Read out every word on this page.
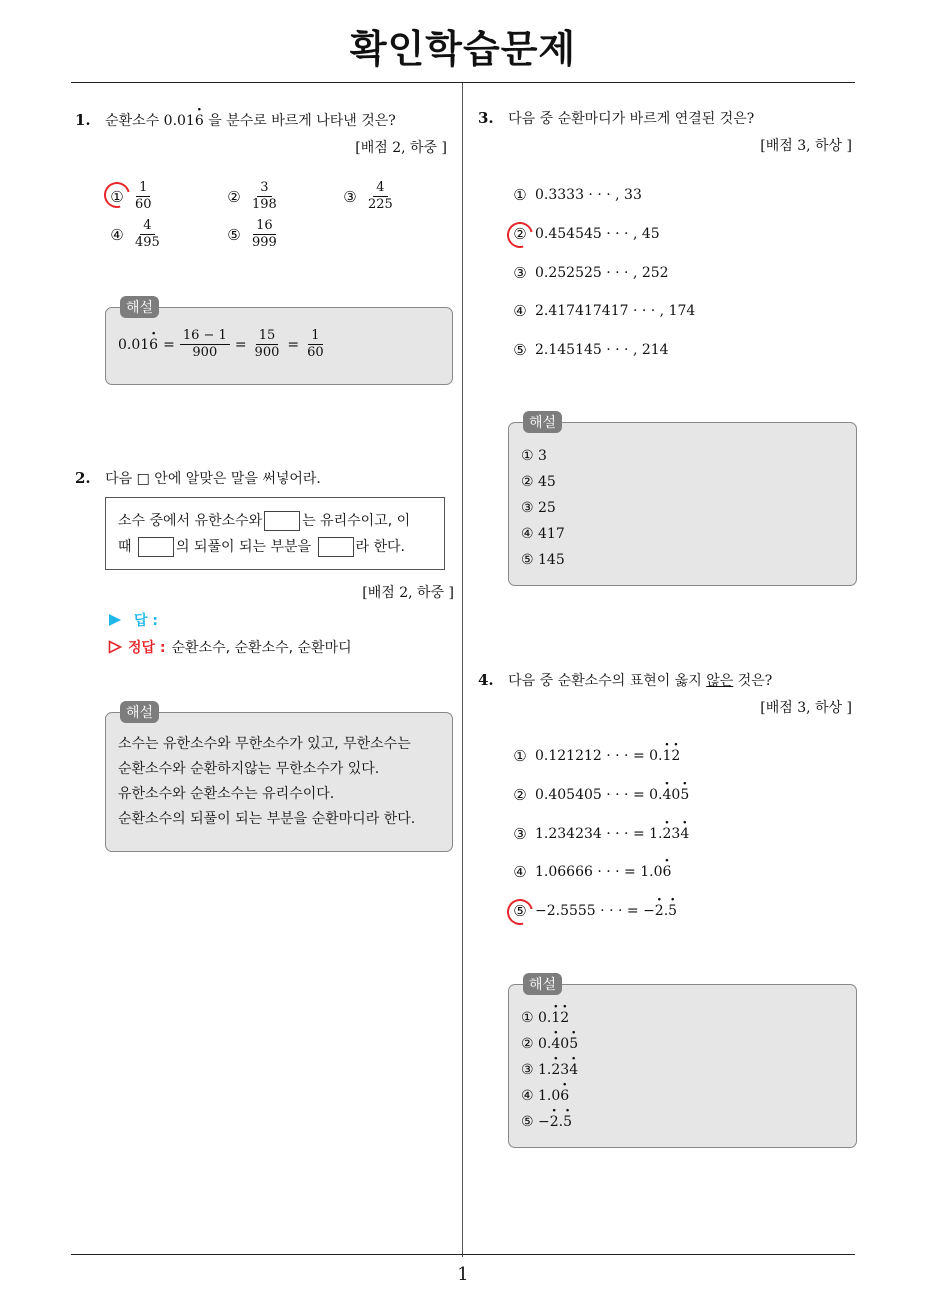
확인학습문제
1
1. 순환소수 0.01· 6 을 분수로 바르게 나타낸 것은?
[배점 2, 하중 ]
① $\frac{1}{60}$	② $\frac{3}{198}$	③ $\frac{4}{225}$
④ $\frac{4}{495}$	⑤ $\frac{16}{999}$
해설
$0.01\cdot 6 = \frac{16 - 1}{900} = \frac{15}{900} = \frac{1}{60}$
2. 다음 □ 안에 알맞은 말을 써넣어라.
소수 중에서 유한소수와	는 유리수이고, 이
때	의 되풀이 되는 부분을	라 한다.
[배점 2, 하중 ]
답 :
정답 : 순환소수, 순환소수, 순환마디
해설
소수는 유한소수와 무한소수가 있고, 무한소수는
순환소수와 순환하지않는 무한소수가 있다.
유한소수와 순환소수는 유리수이다.
순환소수의 되풀이 되는 부분을 순환마디라 한다.
3. 다음 중 순환마디가 바르게 연결된 것은?
[배점 3, 하상 ]
① 0.3333 · · · , 33
② 0.454545 · · · , 45
③ 0.252525 · · · , 252
④ 2.417417417 · · · , 174
⑤ 2.145145 · · · , 214
해설
① 3
② 45
③ 25
④ 417
⑤ 145
4. 다음 중 순환소수의 표현이 옳지 않은 것은?
[배점 3, 하상 ]
① 0.121212 · · · = 0.· 1· 2
② 0.405405 · · · = 0.· 40· 5
③ 1.234234 · · · = 1.· 23· 4
④ 1.06666 · · · = 1.0· 6
⑤ −2.5555 · · · = −· 2.· 5
해설
① 0.· 1· 2
② 0.· 40· 5
③ 1.· 23· 4
④ 1.0· 6
⑤ −· 2.· 5
